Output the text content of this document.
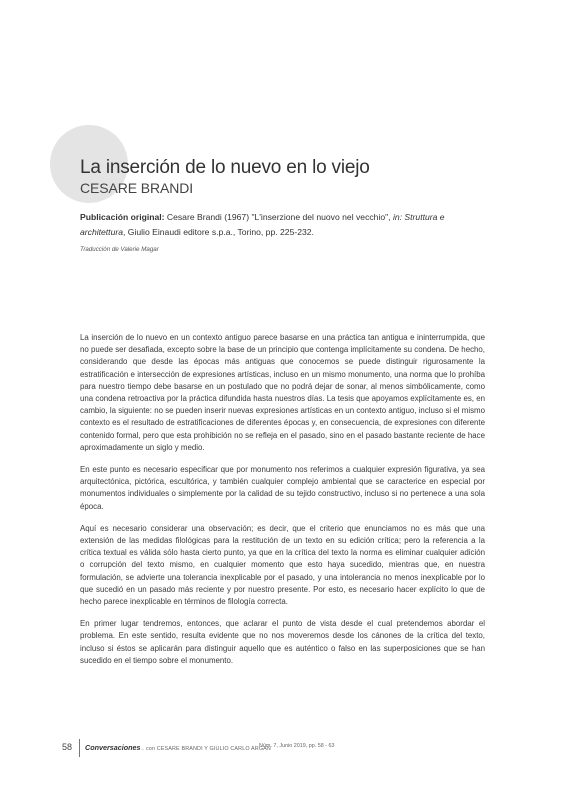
La inserción de lo nuevo en lo viejo
CESARE BRANDI

Publicación original: Cesare Brandi (1967) "L'inserzione del nuovo nel vecchio", in: Struttura e architettura, Giulio Einaudi editore s.p.a., Torino, pp. 225-232.

Traducción de Valerie Magar

La inserción de lo nuevo en un contexto antiguo parece basarse en una práctica tan antigua e ininterrumpida, que no puede ser desafiada, excepto sobre la base de un principio que contenga implícitamente su condena. De hecho, considerando que desde las épocas más antiguas que conocemos se puede distinguir rigurosamente la estratificación e intersección de expresiones artísticas, incluso en un mismo monumento, una norma que lo prohíba para nuestro tiempo debe basarse en un postulado que no podrá dejar de sonar, al menos simbólicamente, como una condena retroactiva por la práctica difundida hasta nuestros días. La tesis que apoyamos explícitamente es, en cambio, la siguiente: no se pueden inserir nuevas expresiones artísticas en un contexto antiguo, incluso si el mismo contexto es el resultado de estratificaciones de diferentes épocas y, en consecuencia, de expresiones con diferente contenido formal, pero que esta prohibición no se refleja en el pasado, sino en el pasado bastante reciente de hace aproximadamente un siglo y medio.

En este punto es necesario especificar que por monumento nos referimos a cualquier expresión figurativa, ya sea arquitectónica, pictórica, escultórica, y también cualquier complejo ambiental que se caracterice en especial por monumentos individuales o simplemente por la calidad de su tejido constructivo, incluso si no pertenece a una sola época.

Aquí es necesario considerar una observación; es decir, que el criterio que enunciamos no es más que una extensión de las medidas filológicas para la restitución de un texto en su edición crítica; pero la referencia a la crítica textual es válida sólo hasta cierto punto, ya que en la crítica del texto la norma es eliminar cualquier adición o corrupción del texto mismo, en cualquier momento que esto haya sucedido, mientras que, en nuestra formulación, se advierte una tolerancia inexplicable por el pasado, y una intolerancia no menos inexplicable por lo que sucedió en un pasado más reciente y por nuestro presente. Por esto, es necesario hacer explícito lo que de hecho parece inexplicable en términos de filología correcta.

En primer lugar tendremos, entonces, que aclarar el punto de vista desde el cual pretendemos abordar el problema. En este sentido, resulta evidente que no nos moveremos desde los cánones de la crítica del texto, incluso si éstos se aplicarán para distinguir aquello que es auténtico o falso en las superposiciones que se han sucedido en el tiempo sobre el monumento.

58 Conversaciones... con CESARE BRANDI Y GIULIO CARLO ARGAN
Núm. 7, Junio 2019, pp. 58 - 63
